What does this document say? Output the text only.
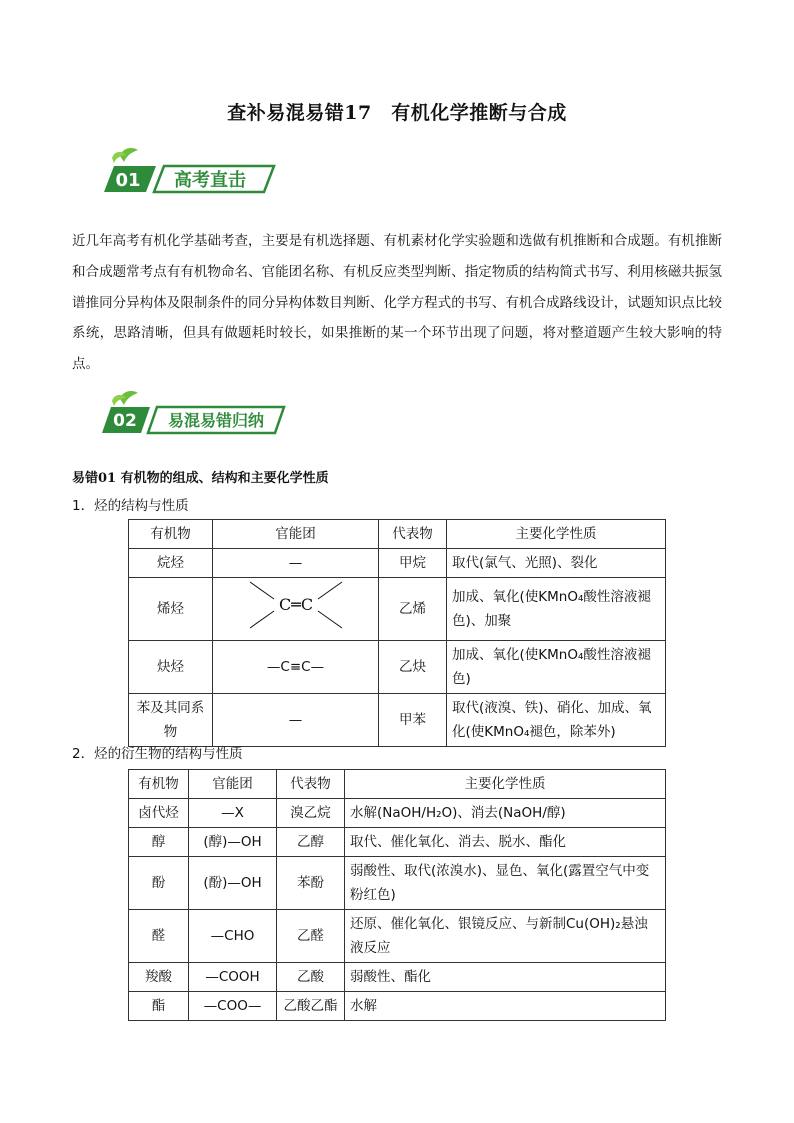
查补易混易错17　有机化学推断与合成
01 高考直击
近几年高考有机化学基础考查，主要是有机选择题、有机素材化学实验题和选做有机推断和合成题。有机推断和合成题常考点有有机物命名、官能团名称、有机反应类型判断、指定物质的结构简式书写、利用核磁共振氢谱推同分异构体及限制条件的同分异构体数目判断、化学方程式的书写、有机合成路线设计，试题知识点比较系统，思路清晰，但具有做题耗时较长，如果推断的某一个环节出现了问题，将对整道题产生较大影响的特点。
02 易混易错归纳
易错01 有机物的组成、结构和主要化学性质
1．烃的结构与性质
有机物	官能团	代表物	主要化学性质
烷烃	—	甲烷	取代(氯气、光照)、裂化
烯烃	C═C	乙烯	加成、氧化(使KMnO₄酸性溶液褪色)、加聚
炔烃	—C≡C—	乙炔	加成、氧化(使KMnO₄酸性溶液褪色)
苯及其同系物	—	甲苯	取代(液溴、铁)、硝化、加成、氧化(使KMnO₄褪色，除苯外)
2．烃的衍生物的结构与性质
有机物	官能团	代表物	主要化学性质
卤代烃	—X	溴乙烷	水解(NaOH/H₂O)、消去(NaOH/醇)
醇	(醇)—OH	乙醇	取代、催化氧化、消去、脱水、酯化
酚	(酚)—OH	苯酚	弱酸性、取代(浓溴水)、显色、氧化(露置空气中变粉红色)
醛	—CHO	乙醛	还原、催化氧化、银镜反应、与新制Cu(OH)₂悬浊液反应
羧酸	—COOH	乙酸	弱酸性、酯化
酯	—COO—	乙酸乙酯	水解
